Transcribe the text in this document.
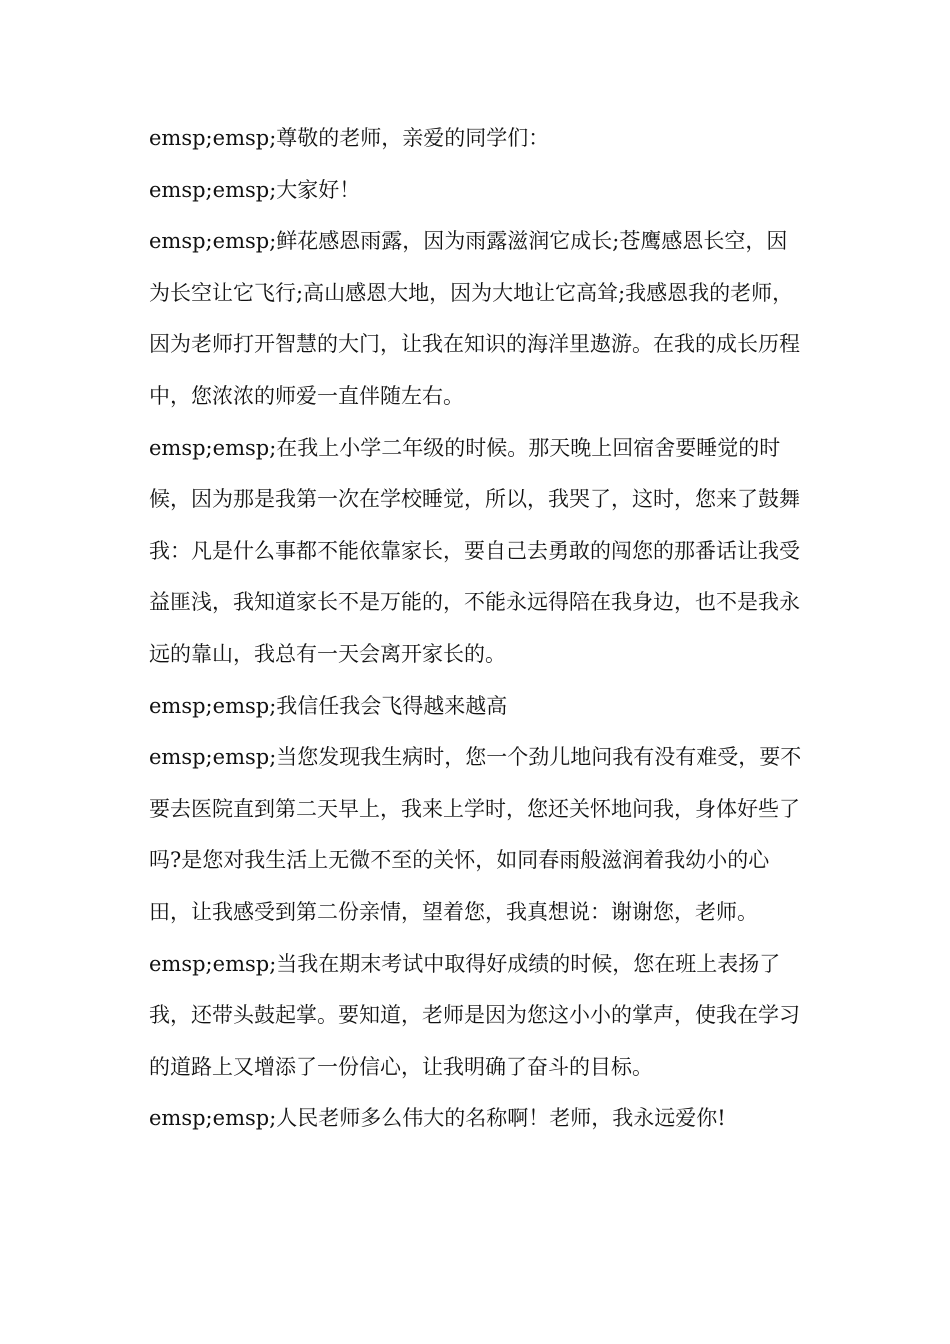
emsp;emsp;尊敬的老师，亲爱的同学们：

emsp;emsp;大家好！

emsp;emsp;鲜花感恩雨露，因为雨露滋润它成长;苍鹰感恩长空，因为长空让它飞行;高山感恩大地，因为大地让它高耸;我感恩我的老师，因为老师打开智慧的大门，让我在知识的海洋里遨游。在我的成长历程中，您浓浓的师爱一直伴随左右。

emsp;emsp;在我上小学二年级的时候。那天晚上回宿舍要睡觉的时候，因为那是我第一次在学校睡觉，所以，我哭了，这时，您来了鼓舞我：凡是什么事都不能依靠家长，要自己去勇敢的闯您的那番话让我受益匪浅，我知道家长不是万能的，不能永远得陪在我身边，也不是我永远的靠山，我总有一天会离开家长的。

emsp;emsp;我信任我会飞得越来越高

emsp;emsp;当您发现我生病时，您一个劲儿地问我有没有难受，要不要去医院直到第二天早上，我来上学时，您还关怀地问我，身体好些了吗?是您对我生活上无微不至的关怀，如同春雨般滋润着我幼小的心田，让我感受到第二份亲情，望着您，我真想说：谢谢您，老师。

emsp;emsp;当我在期末考试中取得好成绩的时候，您在班上表扬了我，还带头鼓起掌。要知道，老师是因为您这小小的掌声，使我在学习的道路上又增添了一份信心，让我明确了奋斗的目标。

emsp;emsp;人民老师多么伟大的名称啊！老师，我永远爱你!
